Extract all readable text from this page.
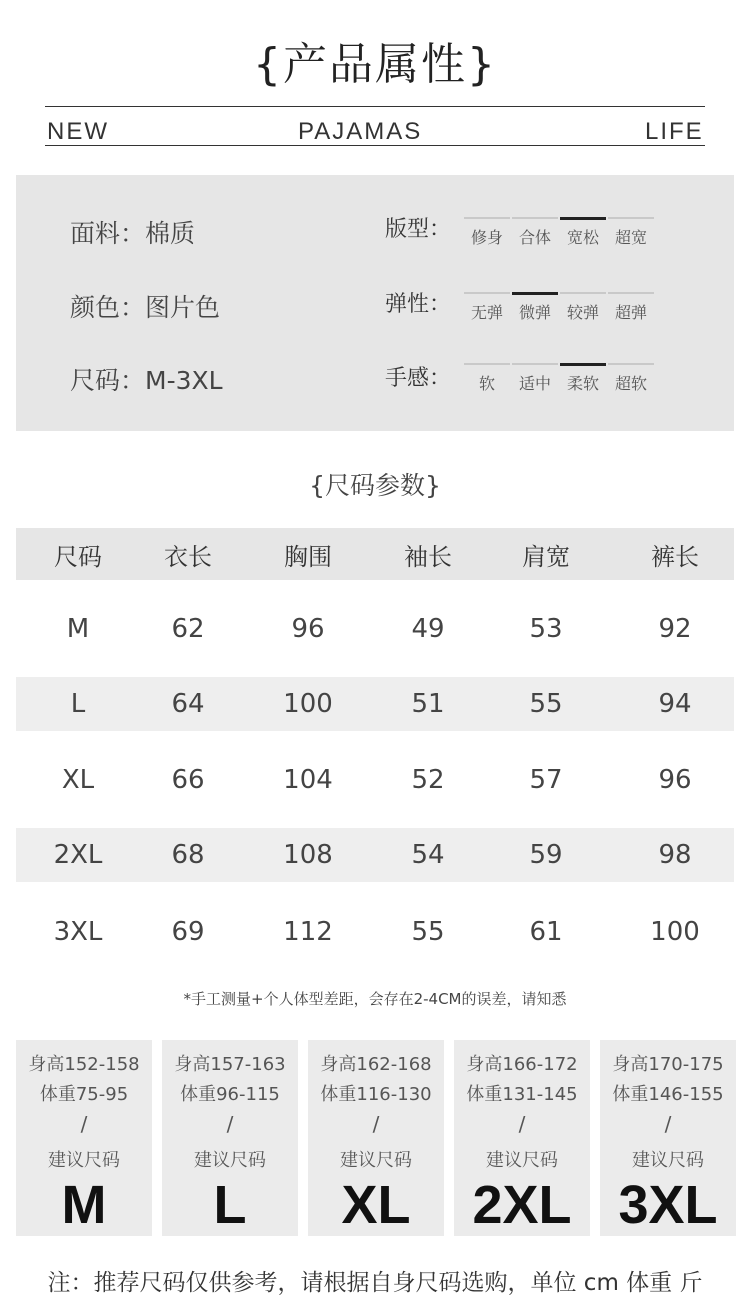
{产品属性}
NEW	PAJAMAS	LIFE
面料：棉质
颜色：图片色
尺码：M-3XL
版型：	修身 合体 宽松 超宽
弹性：	无弹 微弹 较弹 超弹
手感：	软	适中 柔软 超软
{尺码参数}
尺码	衣长	胸围	袖长	肩宽	裤长
M	62	96	49	53	92
L	64	100	51	55	94
XL	66	104	52	57	96
2XL	68	108	54	59	98
3XL	69	112	55	61	100
*手工测量+个人体型差距，会存在2-4CM的误差，请知悉
身高152-158
体重75-95
/
建议尺码
M
身高157-163
体重96-115
/
建议尺码
L
身高162-168
体重116-130
/
建议尺码
XL
身高166-172
体重131-145
/
建议尺码
2XL
身高170-175
体重146-155
/
建议尺码
3XL
注：推荐尺码仅供参考，请根据自身尺码选购，单位 cm 体重 斤
